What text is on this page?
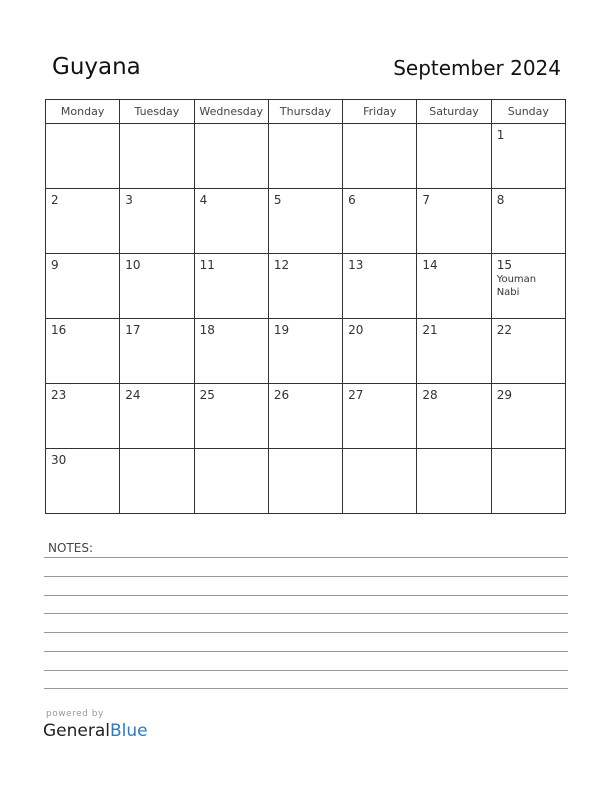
Guyana	September 2024
Monday	Tuesday	Wednesday	Thursday	Friday	Saturday	Sunday

						1

2	3	4	5	6	7	8

9	10	11	12	13	14	15
Youman Nabi

16	17	18	19	20	21	22

23	24	25	26	27	28	29

30						

NOTES:
powered by
GeneralBlue
